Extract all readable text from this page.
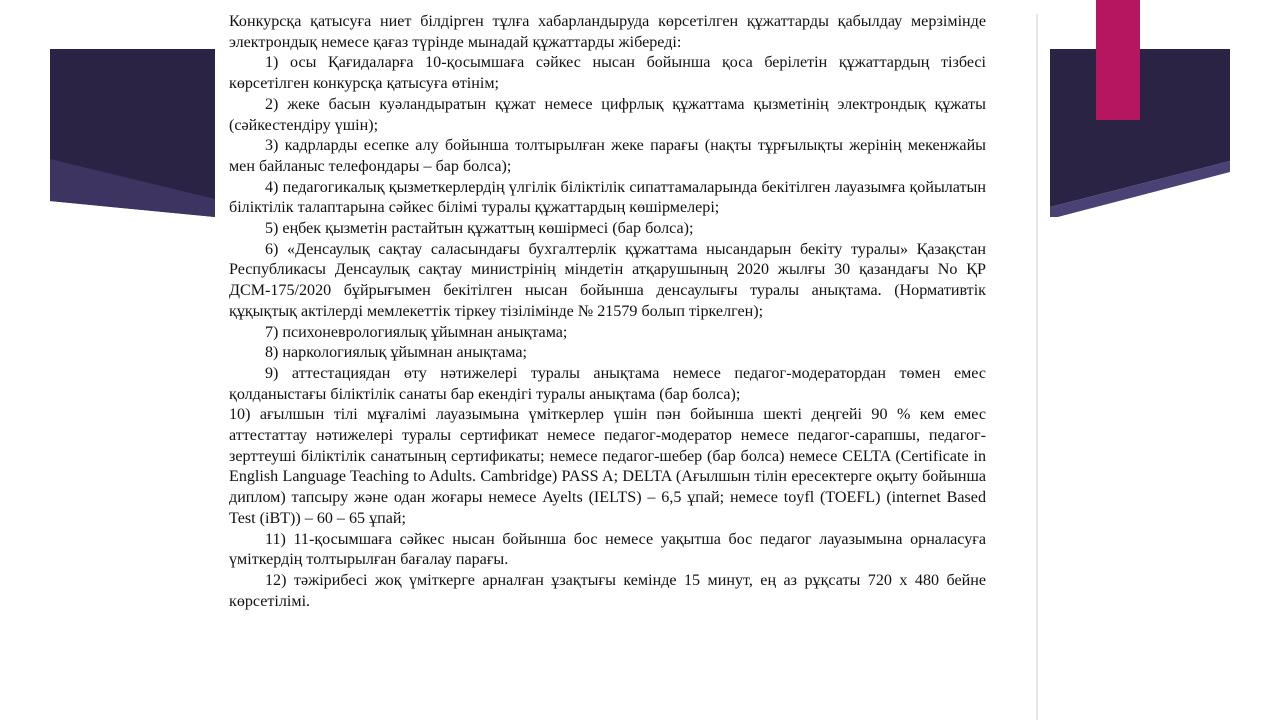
Конкурсқа қатысуға ниет білдірген тұлға хабарландыруда көрсетілген құжаттарды қабылдау мерзімінде электрондық немесе қағаз түрінде мынадай құжаттарды жібереді:

1) осы Қағидаларға 10-қосымшаға сәйкес нысан бойынша қоса берілетін құжаттардың тізбесі көрсетілген конкурсқа қатысуға өтінім;

2) жеке басын куәландыратын құжат немесе цифрлық құжаттама қызметінің электрондық құжаты (сәйкестендіру үшін);

3) кадрларды есепке алу бойынша толтырылған жеке парағы (нақты тұрғылықты жерінің мекенжайы мен байланыс телефондары – бар болса);

4) педагогикалық қызметкерлердің үлгілік біліктілік сипаттамаларында бекітілген лауазымға қойылатын біліктілік талаптарына сәйкес білімі туралы құжаттардың көшірмелері;

5) еңбек қызметін растайтын құжаттың көшірмесі (бар болса);

6) «Денсаулық сақтау саласындағы бухгалтерлік құжаттама нысандарын бекіту туралы» Қазақстан Республикасы Денсаулық сақтау министрінің міндетін атқарушының 2020 жылғы 30 қазандағы No ҚР ДСМ-175/2020 бұйрығымен бекітілген нысан бойынша денсаулығы туралы анықтама. (Нормативтік құқықтық актілерді мемлекеттік тіркеу тізілімінде № 21579 болып тіркелген);

7) психоневрологиялық ұйымнан анықтама;

8) наркологиялық ұйымнан анықтама;

9) аттестациядан өту нәтижелері туралы анықтама немесе педагог-модератордан төмен емес қолданыстағы біліктілік санаты бар екендігі туралы анықтама (бар болса);

10) ағылшын тілі мұғалімі лауазымына үміткерлер үшін пән бойынша шекті деңгейі 90 % кем емес аттестаттау нәтижелері туралы сертификат немесе педагог-модератор немесе педагог-сарапшы, педагог-зерттеуші біліктілік санатының сертификаты; немесе педагог-шебер (бар болса) немесе CELTA (Certificate in English Language Teaching to Adults. Cambridge) PASS A; DELTA (Ағылшын тілін ересектерге оқыту бойынша диплом) тапсыру және одан жоғары немесе Ayelts (IELTS) – 6,5 ұпай; немесе toyfl (TOEFL) (internet Based Test (iBT)) – 60 – 65 ұпай;

11) 11-қосымшаға сәйкес нысан бойынша бос немесе уақытша бос педагог лауазымына орналасуға үміткердің толтырылған бағалау парағы.

12) тәжірибесі жоқ үміткерге арналған ұзақтығы кемінде 15 минут, ең аз рұқсаты 720 x 480 бейне көрсетілімі.
